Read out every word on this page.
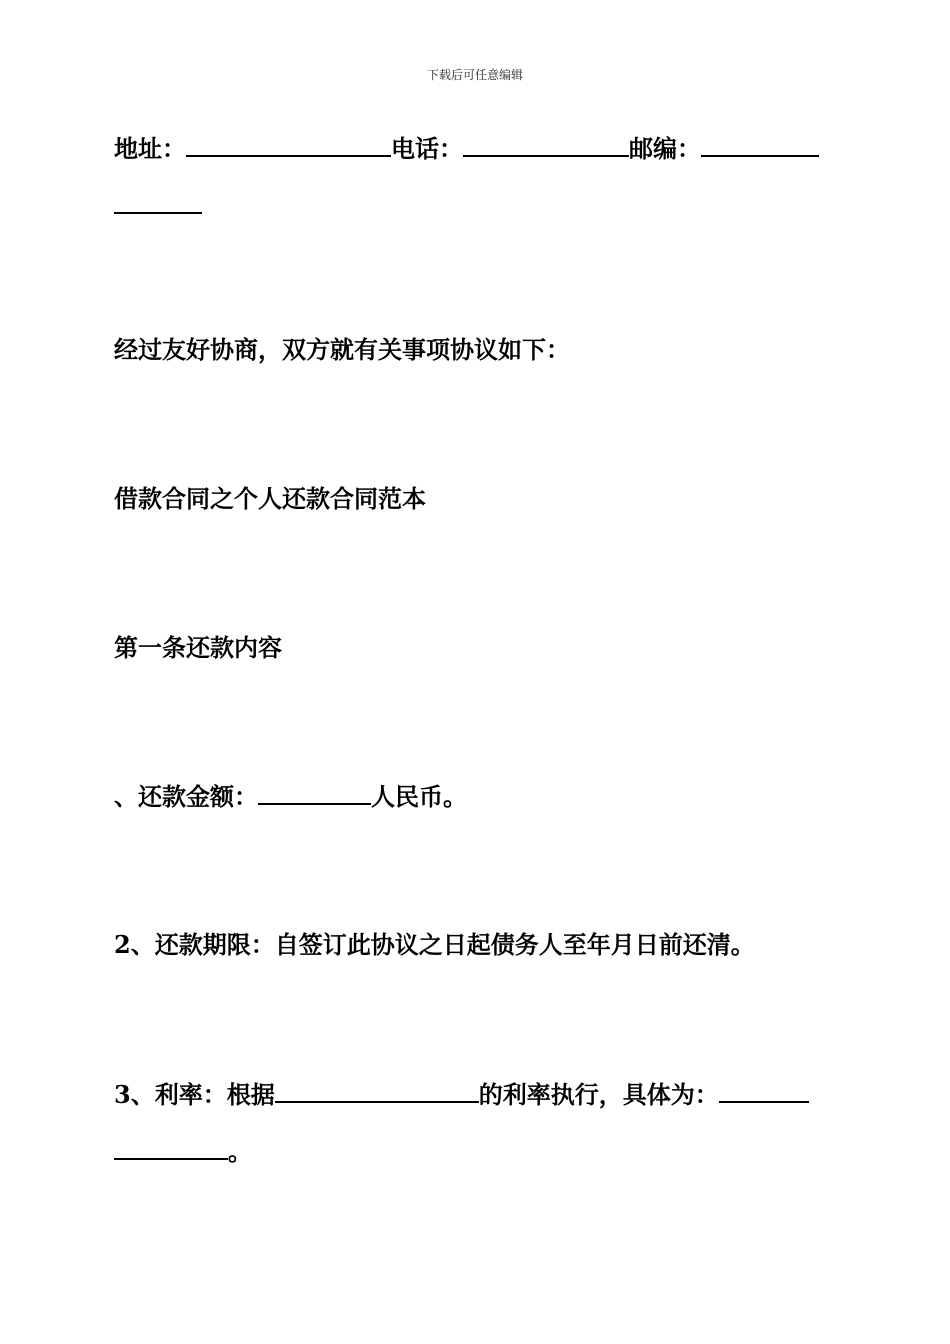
下载后可任意编辑
地址：	电话：	邮编：
经过友好协商，双方就有关事项协议如下：
借款合同之个人还款合同范本
第一条还款内容
、还款金额：	人民币。
2、还款期限：自签订此协议之日起债务人至年月日前还清。
3、利率：根据	的利率执行，具体为：
。
